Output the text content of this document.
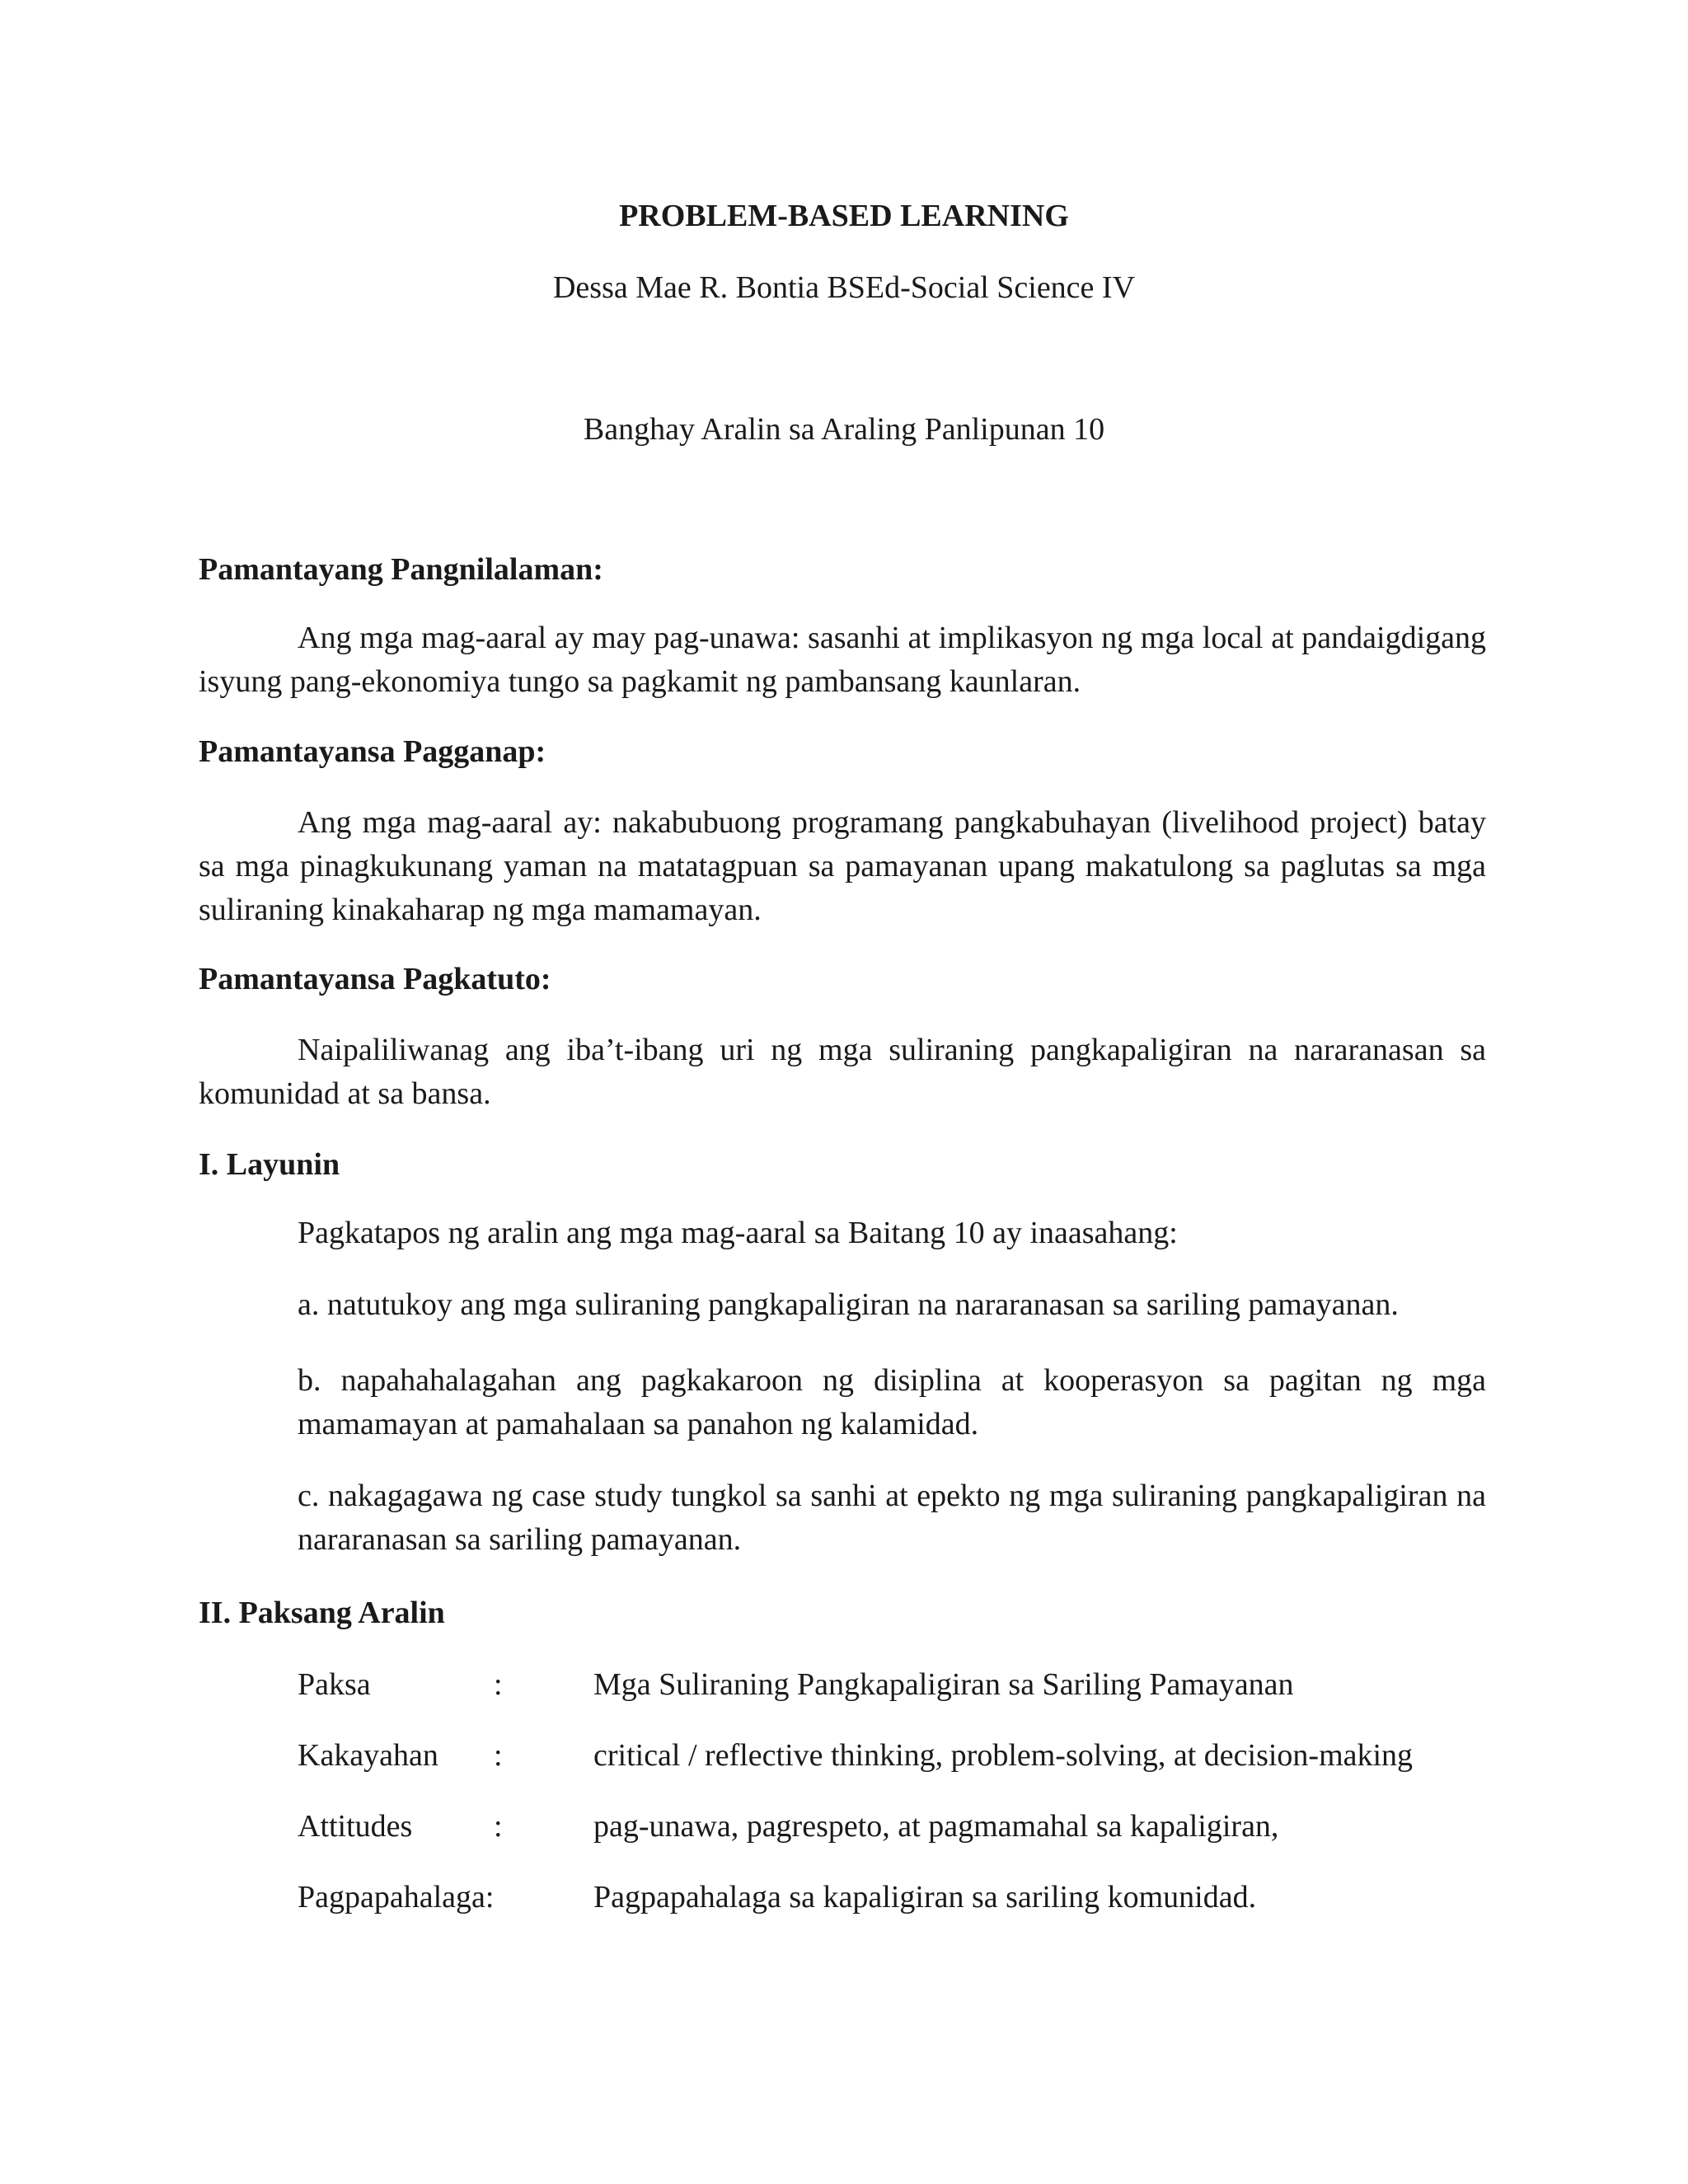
PROBLEM-BASED LEARNING
Dessa Mae R. Bontia BSEd-Social Science IV
Banghay Aralin sa Araling Panlipunan 10
Pamantayang Pangnilalaman:
Ang mga mag-aaral ay may pag-unawa: sasanhi at implikasyon ng mga local at pandaigdigang isyung pang-ekonomiya tungo sa pagkamit ng pambansang kaunlaran.
Pamantayansa Pagganap:
Ang mga mag-aaral ay: nakabubuong programang pangkabuhayan (livelihood project) batay sa mga pinagkukunang yaman na matatagpuan sa pamayanan upang makatulong sa paglutas sa mga suliraning kinakaharap ng mga mamamayan.
Pamantayansa Pagkatuto:
Naipaliliwanag ang iba’t-ibang uri ng mga suliraning pangkapaligiran na nararanasan sa komunidad at sa bansa.
I. Layunin
Pagkatapos ng aralin ang mga mag-aaral sa Baitang 10 ay inaasahang:
a. natutukoy ang mga suliraning pangkapaligiran na nararanasan sa sariling pamayanan.
b. napahahalagahan ang pagkakaroon ng disiplina at kooperasyon sa pagitan ng mga mamamayan at pamahalaan sa panahon ng kalamidad.
c. nakagagawa ng case study tungkol sa sanhi at epekto ng mga suliraning pangkapaligiran na nararanasan sa sariling pamayanan.
II. Paksang Aralin
Paksa	:	Mga Suliraning Pangkapaligiran sa Sariling Pamayanan
Kakayahan :	critical / reflective thinking, problem-solving, at decision-making
Attitudes	:	pag-unawa, pagrespeto, at pagmamahal sa kapaligiran,
Pagpapahalaga:	Pagpapahalaga sa kapaligiran sa sariling komunidad.
